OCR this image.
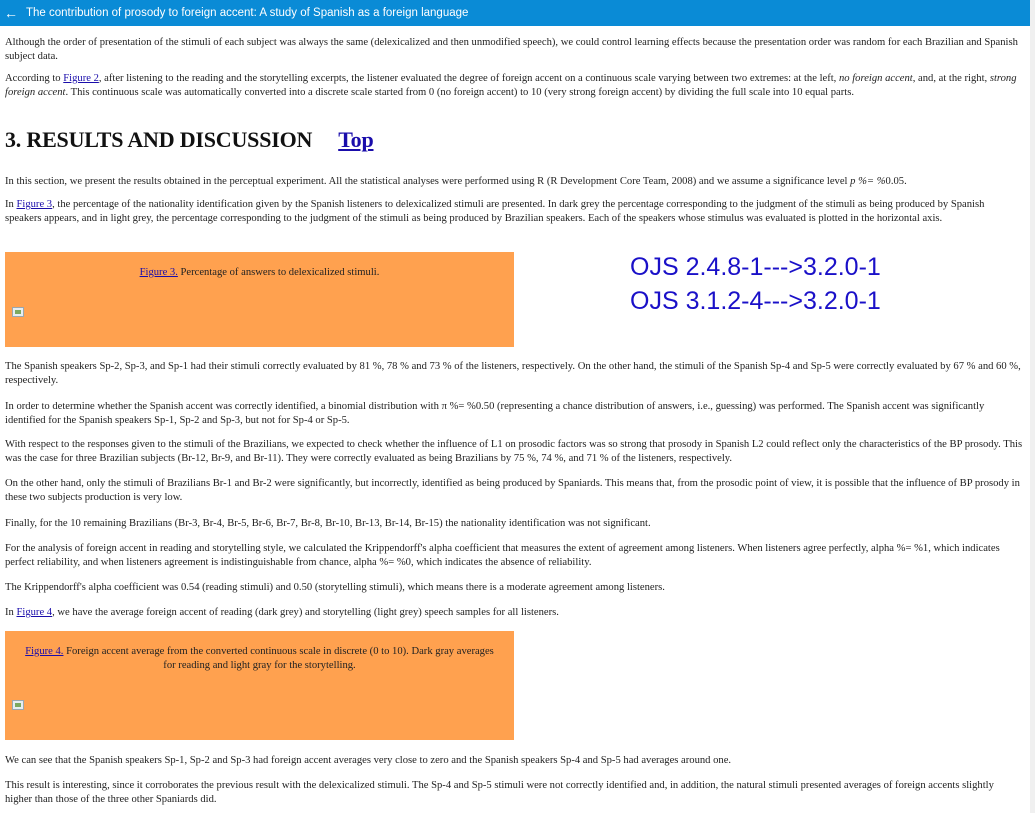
← The contribution of prosody to foreign accent: A study of Spanish as a foreign language

Although the order of presentation of the stimuli of each subject was always the same (delexicalized and then unmodified speech), we could control learning effects because the presentation order was random for each Brazilian and Spanish subject data.

According to Figure 2, after listening to the reading and the storytelling excerpts, the listener evaluated the degree of foreign accent on a continuous scale varying between two extremes: at the left, no foreign accent, and, at the right, strong foreign accent. This continuous scale was automatically converted into a discrete scale started from 0 (no foreign accent) to 10 (very strong foreign accent) by dividing the full scale into 10 equal parts.

3. RESULTS AND DISCUSSION Top

In this section, we present the results obtained in the perceptual experiment. All the statistical analyses were performed using R (R Development Core Team, 2008) and we assume a significance level p %= %0.05.

In Figure 3, the percentage of the nationality identification given by the Spanish listeners to delexicalized stimuli are presented. In dark grey the percentage corresponding to the judgment of the stimuli as being produced by Spanish speakers appears, and in light grey, the percentage corresponding to the judgment of the stimuli as being produced by Brazilian speakers. Each of the speakers whose stimulus was evaluated is plotted in the horizontal axis.

Figure 3. Percentage of answers to delexicalized stimuli.	OJS 2.4.8-1--->3.2.0-1
OJS 3.1.2-4--->3.2.0-1

The Spanish speakers Sp-2, Sp-3, and Sp-1 had their stimuli correctly evaluated by 81 %, 78 % and 73 % of the listeners, respectively. On the other hand, the stimuli of the Spanish Sp-4 and Sp-5 were correctly evaluated by 67 % and 60 %, respectively.

In order to determine whether the Spanish accent was correctly identified, a binomial distribution with π %= %0.50 (representing a chance distribution of answers, i.e., guessing) was performed. The Spanish accent was significantly identified for the Spanish speakers Sp-1, Sp-2 and Sp-3, but not for Sp-4 or Sp-5.

With respect to the responses given to the stimuli of the Brazilians, we expected to check whether the influence of L1 on prosodic factors was so strong that prosody in Spanish L2 could reflect only the characteristics of the BP prosody. This was the case for three Brazilian subjects (Br-12, Br-9, and Br-11). They were correctly evaluated as being Brazilians by 75 %, 74 %, and 71 % of the listeners, respectively.

On the other hand, only the stimuli of Brazilians Br-1 and Br-2 were significantly, but incorrectly, identified as being produced by Spaniards. This means that, from the prosodic point of view, it is possible that the influence of BP prosody in these two subjects production is very low.

Finally, for the 10 remaining Brazilians (Br-3, Br-4, Br-5, Br-6, Br-7, Br-8, Br-10, Br-13, Br-14, Br-15) the nationality identification was not significant.

For the analysis of foreign accent in reading and storytelling style, we calculated the Krippendorff's alpha coefficient that measures the extent of agreement among listeners. When listeners agree perfectly, alpha %= %1, which indicates perfect reliability, and when listeners agreement is indistinguishable from chance, alpha %= %0, which indicates the absence of reliability.

The Krippendorff's alpha coefficient was 0.54 (reading stimuli) and 0.50 (storytelling stimuli), which means there is a moderate agreement among listeners.

In Figure 4, we have the average foreign accent of reading (dark grey) and storytelling (light grey) speech samples for all listeners.

Figure 4. Foreign accent average from the converted continuous scale in discrete (0 to 10). Dark gray averages for reading and light gray for the storytelling.

We can see that the Spanish speakers Sp-1, Sp-2 and Sp-3 had foreign accent averages very close to zero and the Spanish speakers Sp-4 and Sp-5 had averages around one.

This result is interesting, since it corroborates the previous result with the delexicalized stimuli. The Sp-4 and Sp-5 stimuli were not correctly identified and, in addition, the natural stimuli presented averages of foreign accents slightly higher than those of the three other Spaniards did.
